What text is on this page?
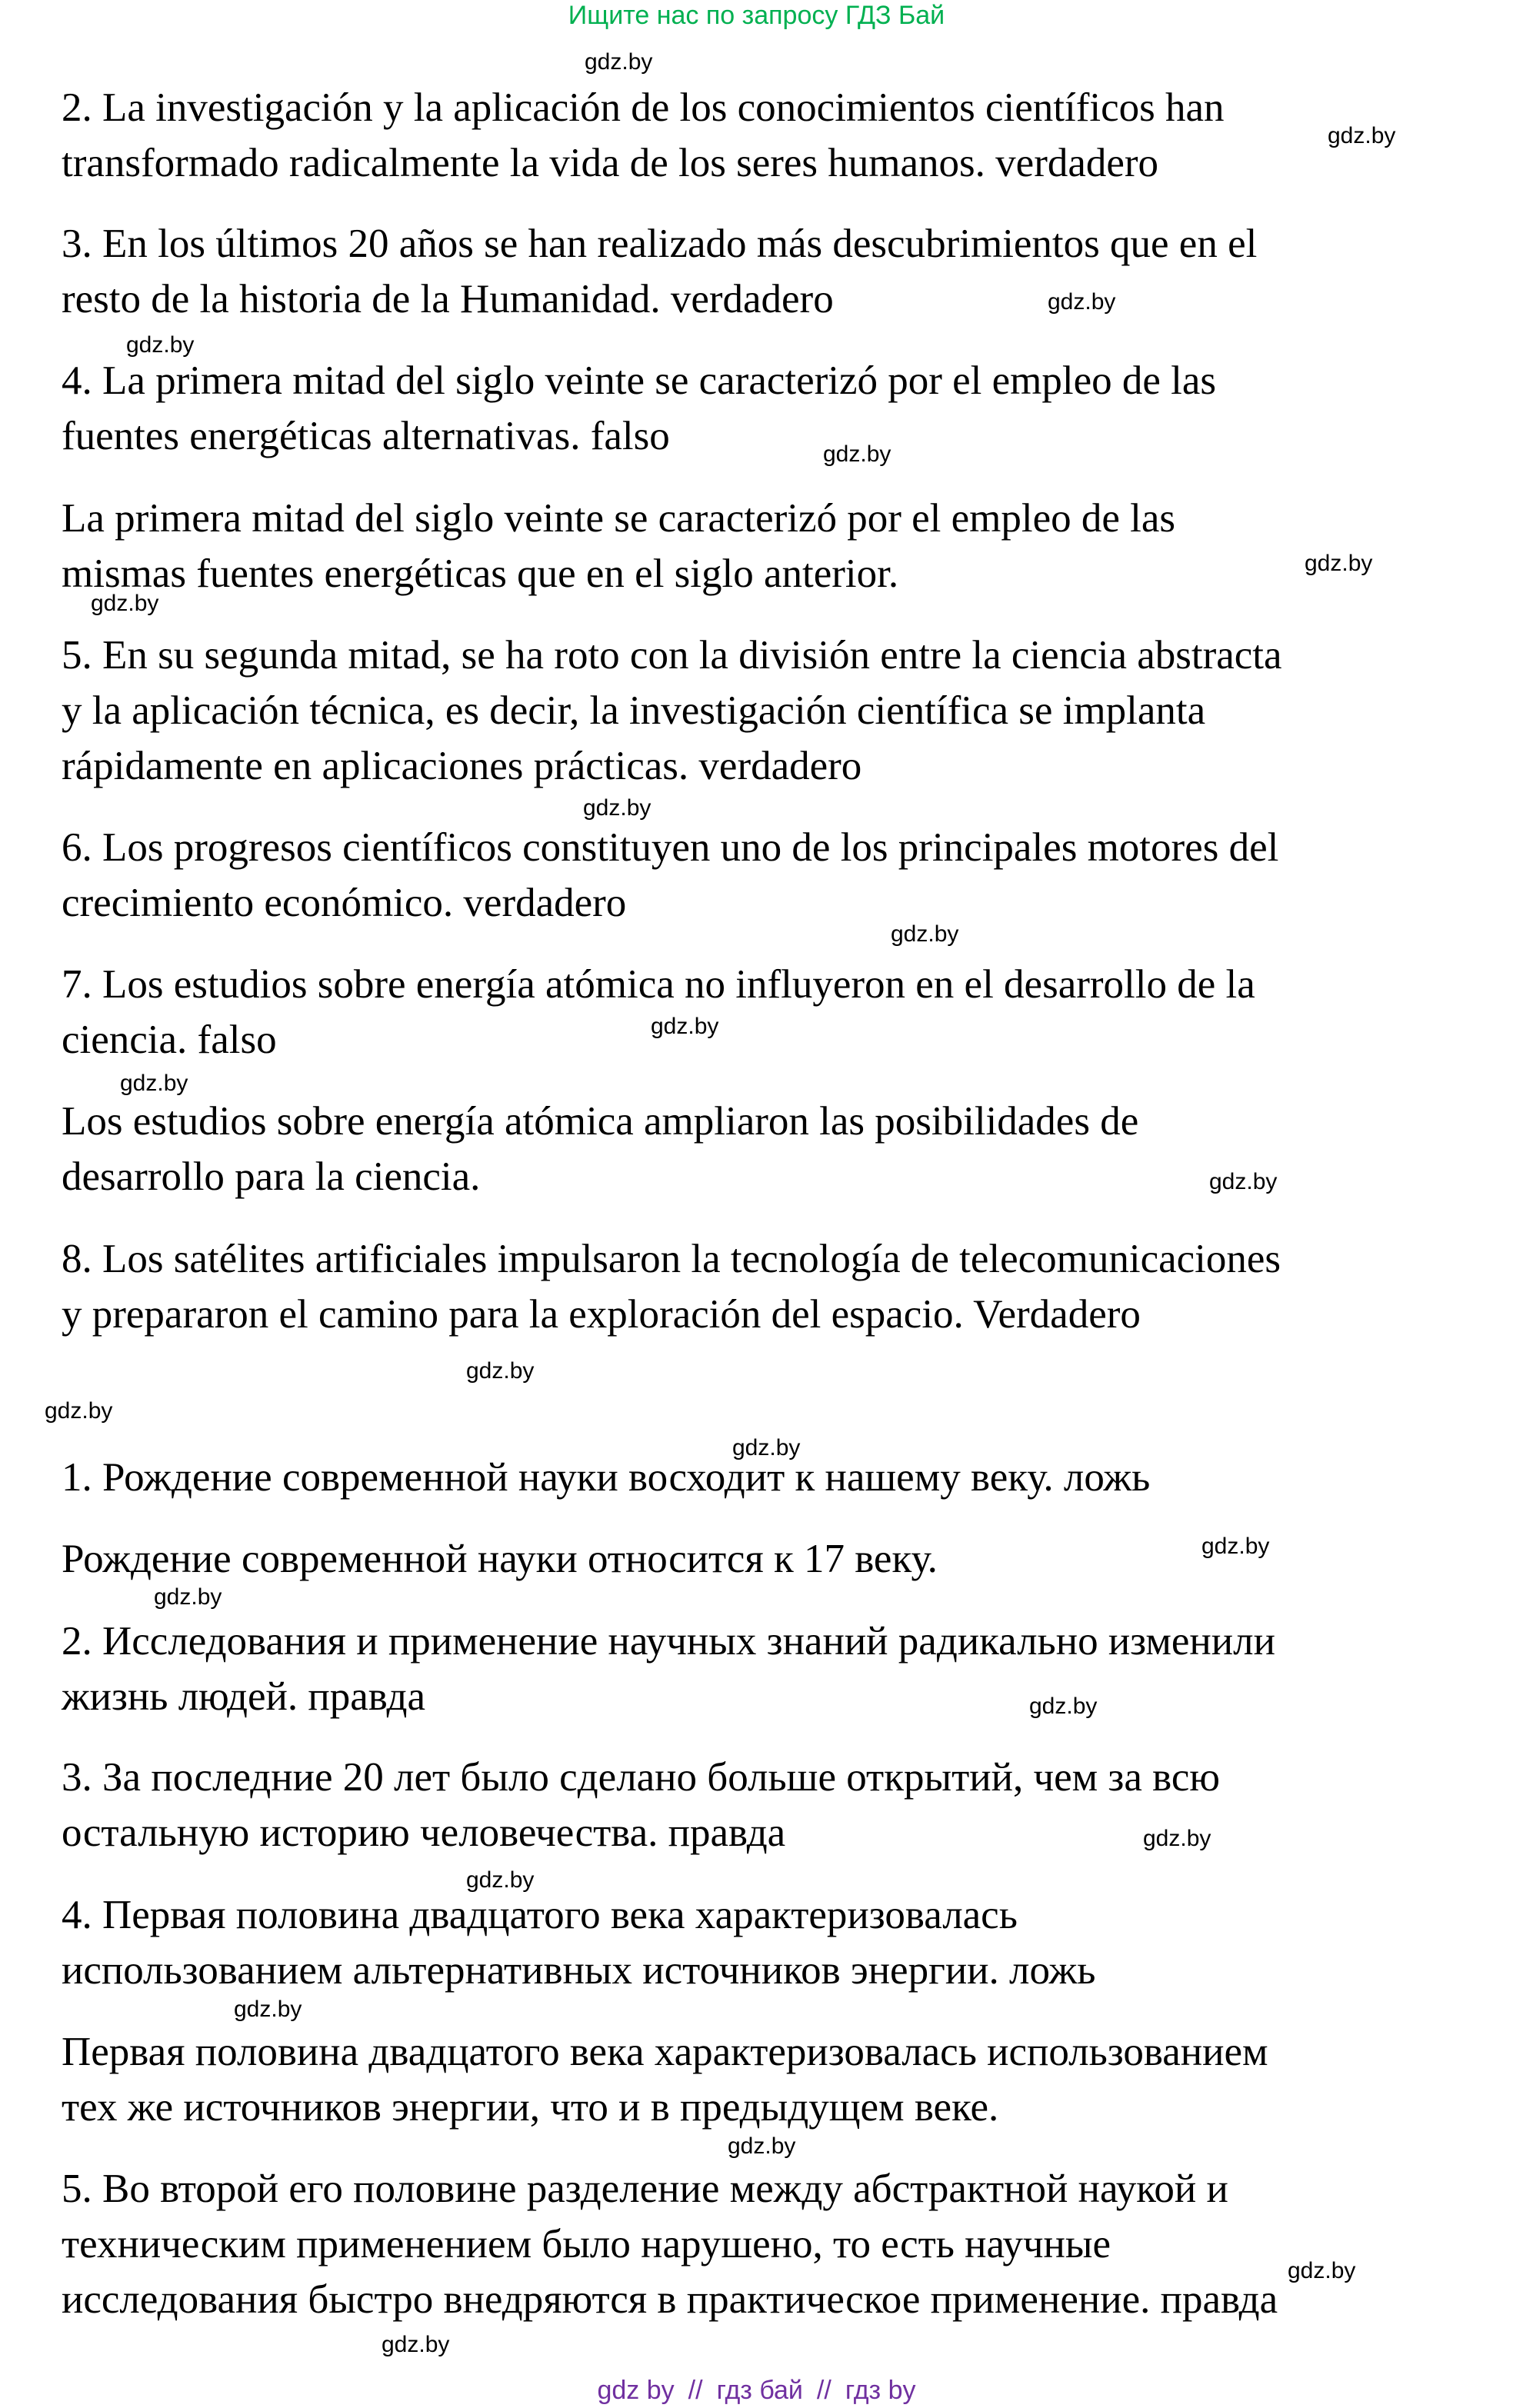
Ищите нас по запросу ГДЗ Бай
2. La investigación y la aplicación de los conocimientos científicos han
transformado radicalmente la vida de los seres humanos. verdadero
3. En los últimos 20 años se han realizado más descubrimientos que en el
resto de la historia de la Humanidad. verdadero
4. La primera mitad del siglo veinte se caracterizó por el empleo de las
fuentes energéticas alternativas. falso
La primera mitad del siglo veinte se caracterizó por el empleo de las
mismas fuentes energéticas que en el siglo anterior.
5. En su segunda mitad, se ha roto con la división entre la ciencia abstracta
y la aplicación técnica, es decir, la investigación científica se implanta
rápidamente en aplicaciones prácticas. verdadero
6. Los progresos científicos constituyen uno de los principales motores del
crecimiento económico. verdadero
7. Los estudios sobre energía atómica no influyeron en el desarrollo de la
ciencia. falso
Los estudios sobre energía atómica ampliaron las posibilidades de
desarrollo para la ciencia.
8. Los satélites artificiales impulsaron la tecnología de telecomunicaciones
y prepararon el camino para la exploración del espacio. Verdadero
1. Рождение современной науки восходит к нашему веку. ложь
Рождение современной науки относится к 17 веку.
2. Исследования и применение научных знаний радикально изменили
жизнь людей. правда
3. За последние 20 лет было сделано больше открытий, чем за всю
остальную историю человечества. правда
4. Первая половина двадцатого века характеризовалась
использованием альтернативных источников энергии. ложь
Первая половина двадцатого века характеризовалась использованием
тех же источников энергии, что и в предыдущем веке.
5. Во второй его половине разделение между абстрактной наукой и
техническим применением было нарушено, то есть научные
исследования быстро внедряются в практическое применение. правда
gdz.by
gdz.by
gdz.by
gdz.by
gdz.by
gdz.by
gdz.by
gdz.by
gdz.by
gdz.by
gdz.by
gdz.by
gdz.by
gdz.by
gdz.by
gdz.by
gdz.by
gdz.by
gdz.by
gdz.by
gdz.by
gdz.by
gdz.by
gdz.by
gdz by // гдз бай // гдз by
